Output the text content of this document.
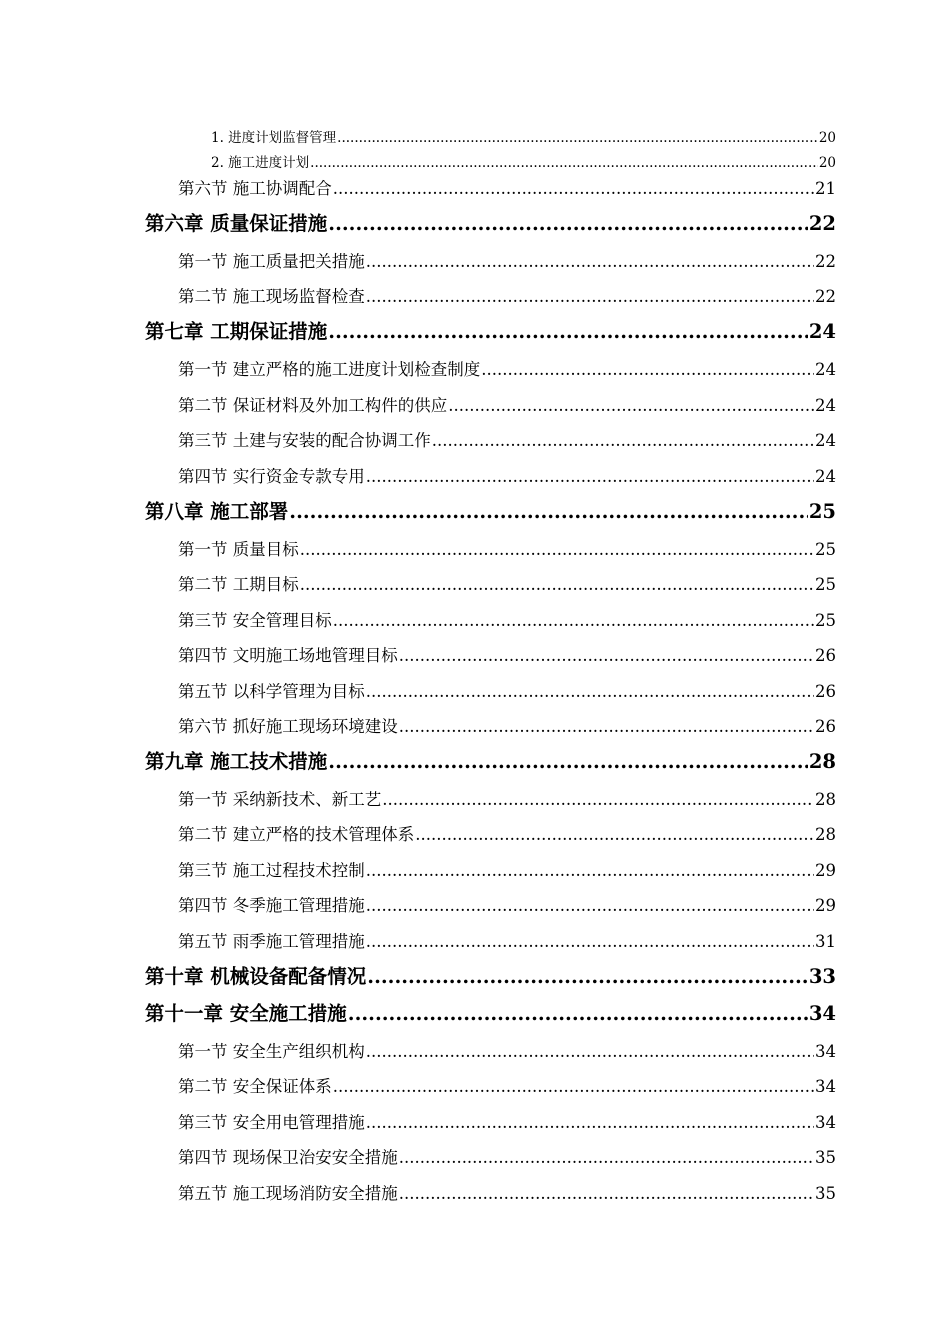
1. 进度计划监督管理 .....	20
2. 施工进度计划 .....	20
第六节 施工协调配合 .....	21
第六章 质量保证措施 .....	22
第一节 施工质量把关措施 .....	22
第二节 施工现场监督检查 .....	22
第七章 工期保证措施 .....	24
第一节 建立严格的施工进度计划检查制度 .....	24
第二节 保证材料及外加工构件的供应 .....	24
第三节 土建与安装的配合协调工作 .....	24
第四节 实行资金专款专用 .....	24
第八章 施工部署 .....	25
第一节 质量目标 .....	25
第二节 工期目标 .....	25
第三节 安全管理目标 .....	25
第四节 文明施工场地管理目标 .....	26
第五节 以科学管理为目标 .....	26
第六节 抓好施工现场环境建设 .....	26
第九章 施工技术措施 .....	28
第一节 采纳新技术、新工艺 .....	28
第二节 建立严格的技术管理体系 .....	28
第三节 施工过程技术控制 .....	29
第四节 冬季施工管理措施 .....	29
第五节 雨季施工管理措施 .....	31
第十章 机械设备配备情况 .....	33
第十一章 安全施工措施 .....	34
第一节 安全生产组织机构 .....	34
第二节 安全保证体系 .....	34
第三节 安全用电管理措施 .....	34
第四节 现场保卫治安安全措施 .....	35
第五节 施工现场消防安全措施 .....	35
